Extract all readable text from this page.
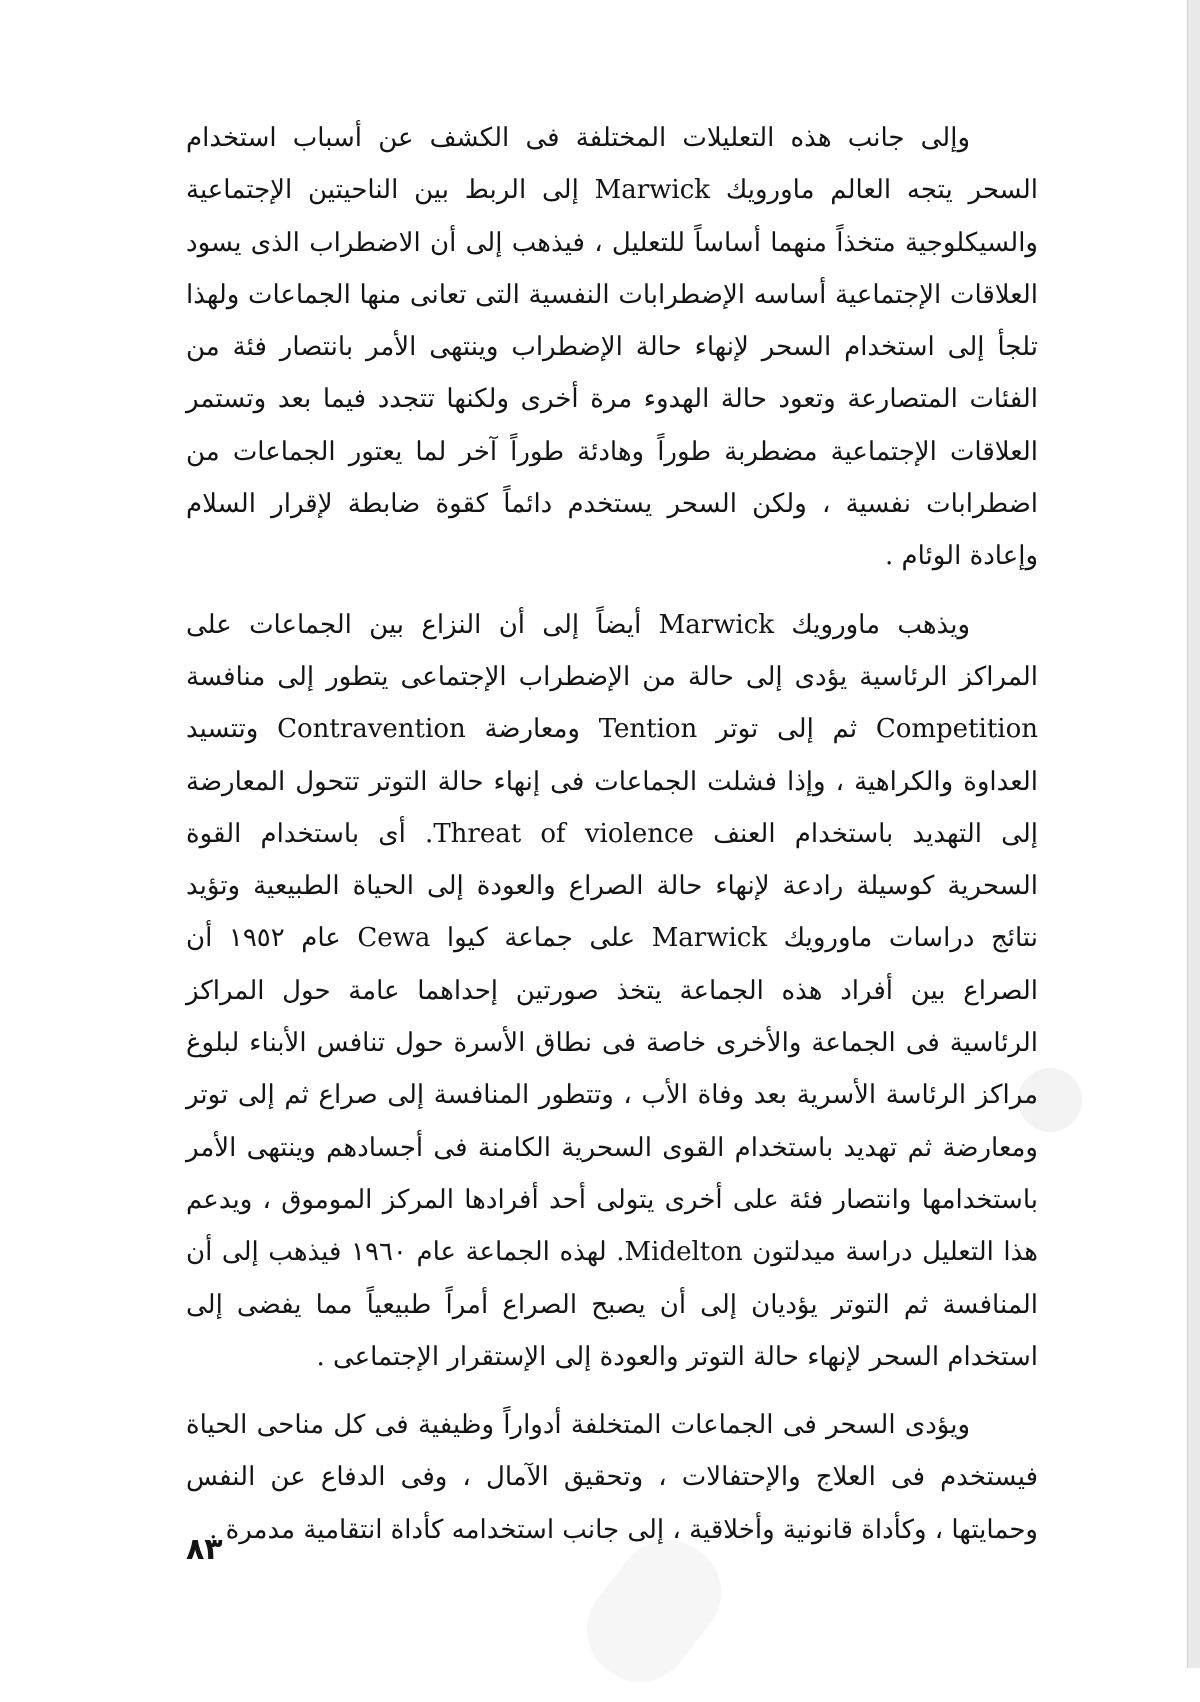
وإلى جانب هذه التعليلات المختلفة فى الكشف عن أسباب استخدام السحر يتجه العالم ماورويك Marwick إلى الربط بين الناحيتين الإجتماعية والسيكلوجية متخذاً منهما أساساً للتعليل ، فيذهب إلى أن الاضطراب الذى يسود العلاقات الإجتماعية أساسه الإضطرابات النفسية التى تعانى منها الجماعات ولهذا تلجأ إلى استخدام السحر لإنهاء حالة الإضطراب وينتهى الأمر بانتصار فئة من الفئات المتصارعة وتعود حالة الهدوء مرة أخرى ولكنها تتجدد فيما بعد وتستمر العلاقات الإجتماعية مضطربة طوراً وهادئة طوراً آخر لما يعتور الجماعات من اضطرابات نفسية ، ولكن السحر يستخدم دائماً كقوة ضابطة لإقرار السلام وإعادة الوئام .

ويذهب ماورويك Marwick أيضاً إلى أن النزاع بين الجماعات على المراكز الرئاسية يؤدى إلى حالة من الإضطراب الإجتماعى يتطور إلى منافسة Competition ثم إلى توتر Tention ومعارضة Contravention وتتسيد العداوة والكراهية ، وإذا فشلت الجماعات فى إنهاء حالة التوتر تتحول المعارضة إلى التهديد باستخدام العنف Threat of violence. أى باستخدام القوة السحرية كوسيلة رادعة لإنهاء حالة الصراع والعودة إلى الحياة الطبيعية وتؤيد نتائج دراسات ماورويك Marwick على جماعة كيوا Cewa عام ١٩٥٢ أن الصراع بين أفراد هذه الجماعة يتخذ صورتين إحداهما عامة حول المراكز الرئاسية فى الجماعة والأخرى خاصة فى نطاق الأسرة حول تنافس الأبناء لبلوغ مراكز الرئاسة الأسرية بعد وفاة الأب ، وتتطور المنافسة إلى صراع ثم إلى توتر ومعارضة ثم تهديد باستخدام القوى السحرية الكامنة فى أجسادهم وينتهى الأمر باستخدامها وانتصار فئة على أخرى يتولى أحد أفرادها المركز الموموق ، ويدعم هذا التعليل دراسة ميدلتون Midelton. لهذه الجماعة عام ١٩٦٠ فيذهب إلى أن المنافسة ثم التوتر يؤديان إلى أن يصبح الصراع أمراً طبيعياً مما يفضى إلى استخدام السحر لإنهاء حالة التوتر والعودة إلى الإستقرار الإجتماعى .

ويؤدى السحر فى الجماعات المتخلفة أدواراً وظيفية فى كل مناحى الحياة فيستخدم فى العلاج والإحتفالات ، وتحقيق الآمال ، وفى الدفاع عن النفس وحمايتها ، وكأداة قانونية وأخلاقية ، إلى جانب استخدامه كأداة انتقامية مدمرة .

٨٣
